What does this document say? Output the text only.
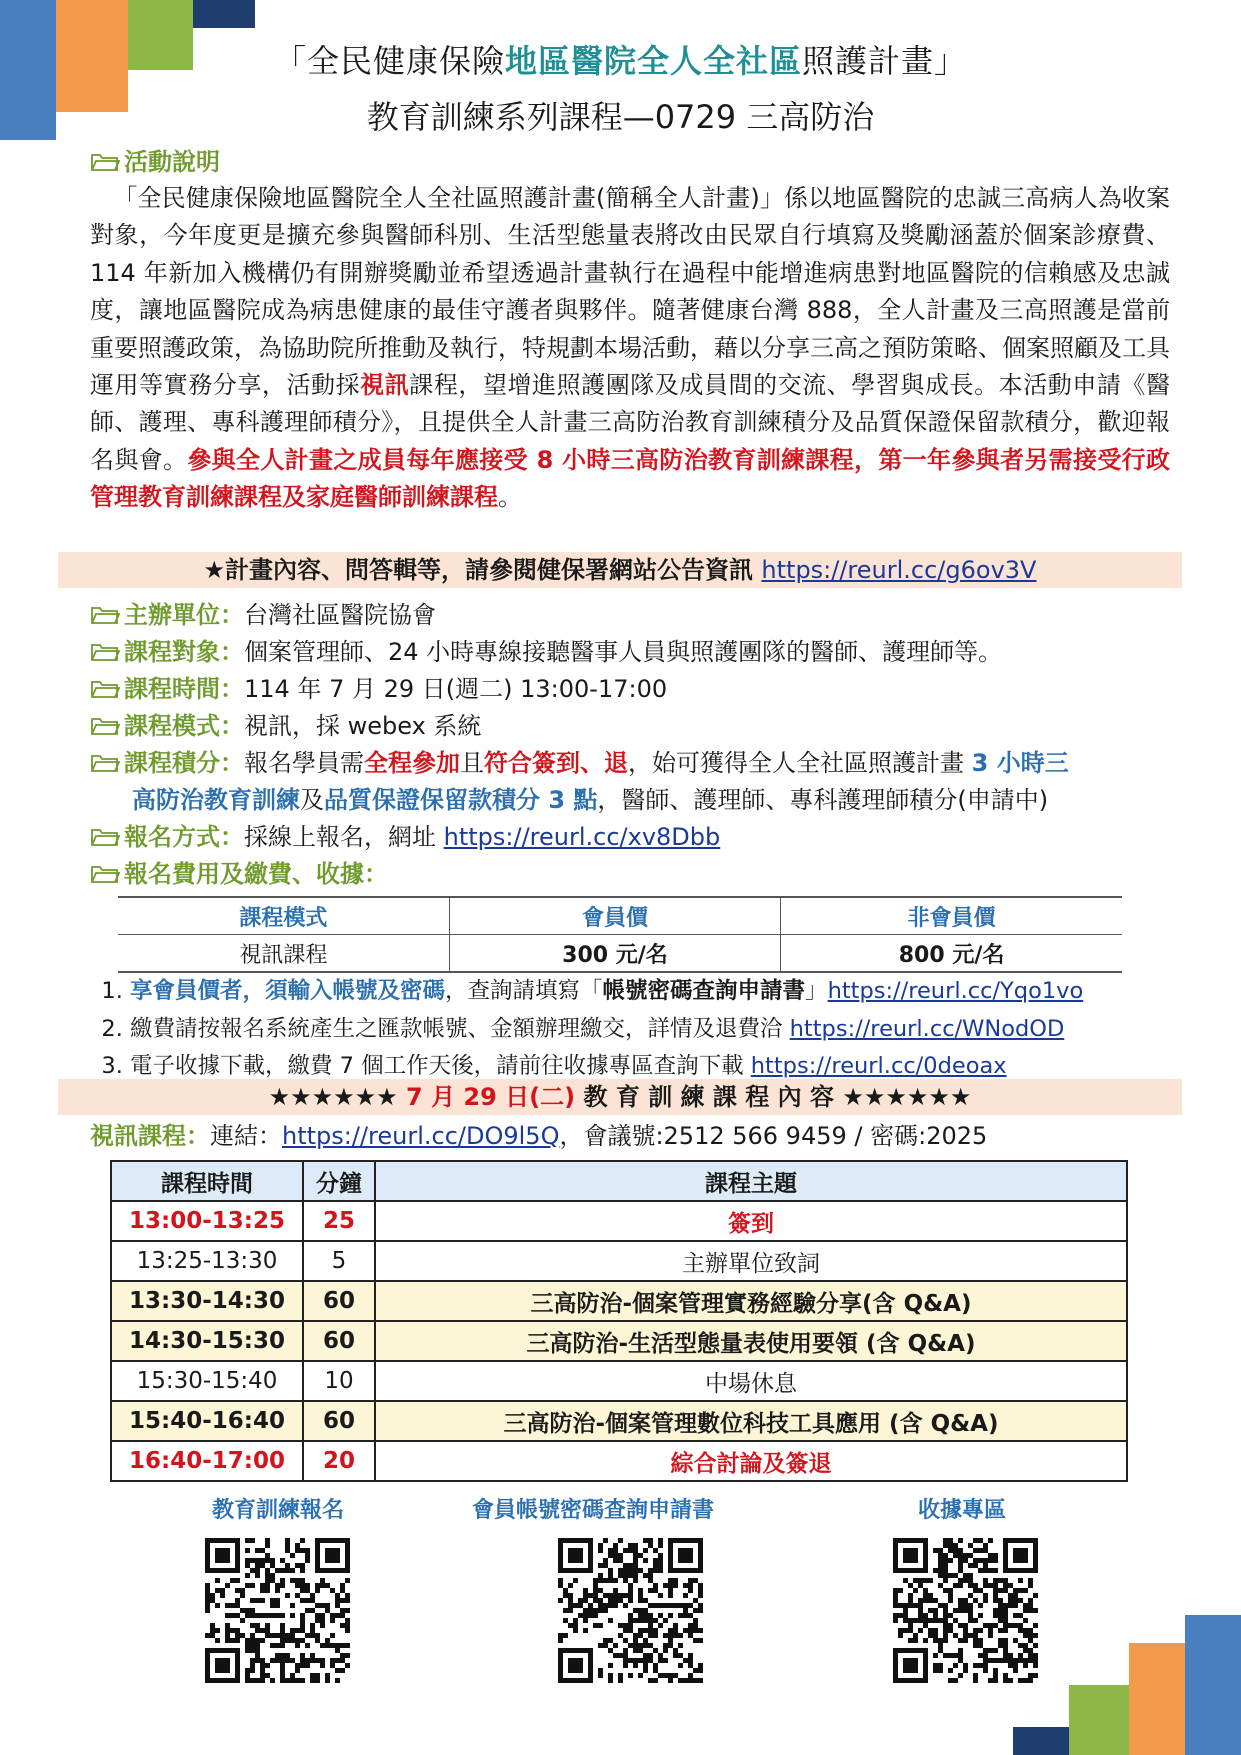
「全民健康保險地區醫院全人全社區照護計畫」
教育訓練系列課程—0729 三高防治
活動說明
「全民健康保險地區醫院全人全社區照護計畫(簡稱全人計畫)」係以地區醫院的忠誠三高病人為收案對象，今年度更是擴充參與醫師科別、生活型態量表將改由民眾自行填寫及獎勵涵蓋於個案診療費、114 年新加入機構仍有開辦獎勵並希望透過計畫執行在過程中能增進病患對地區醫院的信賴感及忠誠度，讓地區醫院成為病患健康的最佳守護者與夥伴。隨著健康台灣 888，全人計畫及三高照護是當前重要照護政策，為協助院所推動及執行，特規劃本場活動，藉以分享三高之預防策略、個案照顧及工具運用等實務分享，活動採視訊課程，望增進照護團隊及成員間的交流、學習與成長。本活動申請《醫師、護理、專科護理師積分》，且提供全人計畫三高防治教育訓練積分及品質保證保留款積分，歡迎報名與會。參與全人計畫之成員每年應接受 8 小時三高防治教育訓練課程，第一年參與者另需接受行政管理教育訓練課程及家庭醫師訓練課程。
★計畫內容、問答輯等，請參閱健保署網站公告資訊 https://reurl.cc/g6ov3V
主辦單位：台灣社區醫院協會
課程對象：個案管理師、24 小時專線接聽醫事人員與照護團隊的醫師、護理師等。
課程時間：114 年 7 月 29 日(週二) 13:00-17:00
課程模式：視訊，採 webex 系統
課程積分：報名學員需全程參加且符合簽到、退，始可獲得全人全社區照護計畫 3 小時三
高防治教育訓練及品質保證保留款積分 3 點，醫師、護理師、專科護理師積分(申請中)
報名方式：採線上報名，網址 https://reurl.cc/xv8Dbb
報名費用及繳費、收據：
課程模式	會員價	非會員價
視訊課程	300 元/名	800 元/名
1. 享會員價者，須輸入帳號及密碼，查詢請填寫「帳號密碼查詢申請書」https://reurl.cc/Yqo1vo
2. 繳費請按報名系統產生之匯款帳號、金額辦理繳交，詳情及退費洽 https://reurl.cc/WNodOD
3. 電子收據下載，繳費 7 個工作天後，請前往收據專區查詢下載 https://reurl.cc/0deoax
★★★★★★ 7 月 29 日(二) 教 育 訓 練 課 程 內 容 ★★★★★★
視訊課程：連結：https://reurl.cc/DO9l5Q，會議號:2512 566 9459 / 密碼:2025
課程時間	分鐘	課程主題
13:00-13:25	25	簽到
13:25-13:30	5	主辦單位致詞
13:30-14:30	60	三高防治-個案管理實務經驗分享(含 Q&A)
14:30-15:30	60	三高防治-生活型態量表使用要領 (含 Q&A)
15:30-15:40	10	中場休息
15:40-16:40	60	三高防治-個案管理數位科技工具應用 (含 Q&A)
16:40-17:00	20	綜合討論及簽退
教育訓練報名	會員帳號密碼查詢申請書	收據專區
